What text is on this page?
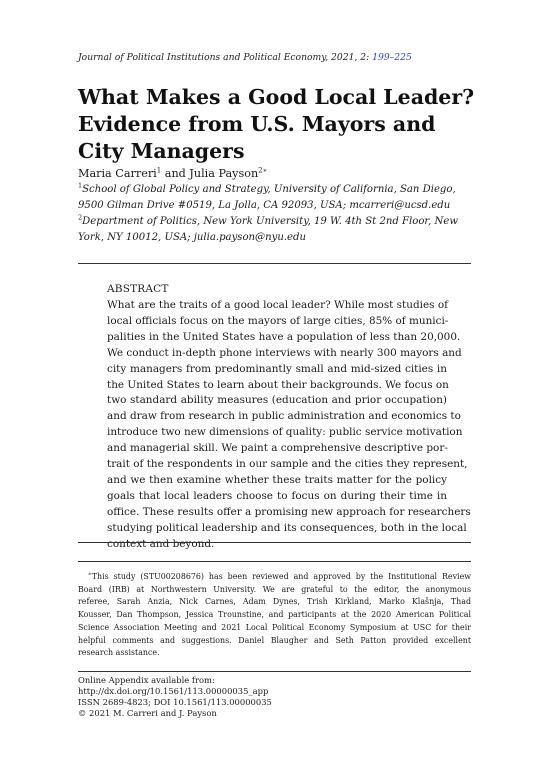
Journal of Political Institutions and Political Economy, 2021, 2: 199–225
What Makes a Good Local Leader? Evidence from U.S. Mayors and City Managers
Maria Carreri$^1$ and Julia Payson$^{2∗}$
$^1$School of Global Policy and Strategy, University of California, San Diego, 9500 Gilman Drive #0519, La Jolla, CA 92093, USA; mcarreri@ucsd.edu
$^2$Department of Politics, New York University, 19 W. 4th St 2nd Floor, New York, NY 10012, USA; julia.payson@nyu.edu
ABSTRACT
What are the traits of a good local leader? While most studies of
local officials focus on the mayors of large cities, 85% of munici-
palities in the United States have a population of less than 20,000.
We conduct in-depth phone interviews with nearly 300 mayors and
city managers from predominantly small and mid-sized cities in
the United States to learn about their backgrounds. We focus on
two standard ability measures (education and prior occupation)
and draw from research in public administration and economics to
introduce two new dimensions of quality: public service motivation
and managerial skill. We paint a comprehensive descriptive por-
trait of the respondents in our sample and the cities they represent,
and we then examine whether these traits matter for the policy
goals that local leaders choose to focus on during their time in
office. These results offer a promising new approach for researchers
studying political leadership and its consequences, both in the local
context and beyond.
∗This study (STU00208676) has been reviewed and approved by the Institutional Review
Board (IRB) at Northwestern University. We are grateful to the editor, the anonymous
referee, Sarah Anzia, Nick Carnes, Adam Dynes, Trish Kirkland, Marko Klašnja, Thad
Kousser, Dan Thompson, Jessica Trounstine, and participants at the 2020 American Political
Science Association Meeting and 2021 Local Political Economy Symposium at USC for their
helpful comments and suggestions. Daniel Blaugher and Seth Patton provided excellent
research assistance.
Online Appendix available from:
http://dx.doi.org/10.1561/113.00000035_app
ISSN 2689-4823; DOI 10.1561/113.00000035
© 2021 M. Carreri and J. Payson
